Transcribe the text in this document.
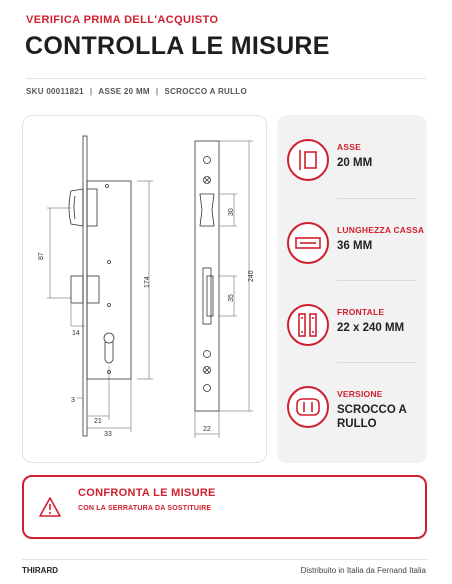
VERIFICA PRIMA DELL'ACQUISTO
CONTROLLA LE MISURE
SKU 00011821 | ASSE 20 MM | SCROCCO A RULLO
87
174
14
3
21
33
30
35
240
22
ASSE
20 MM
LUNGHEZZA CASSA
36 MM
FRONTALE
22 x 240 MM
VERSIONE
SCROCCO A RULLO
CONFRONTA LE MISURE
CON LA SERRATURA DA SOSTITUIRE
THIRARD	Distribuito in Italia da Fernand Italia
